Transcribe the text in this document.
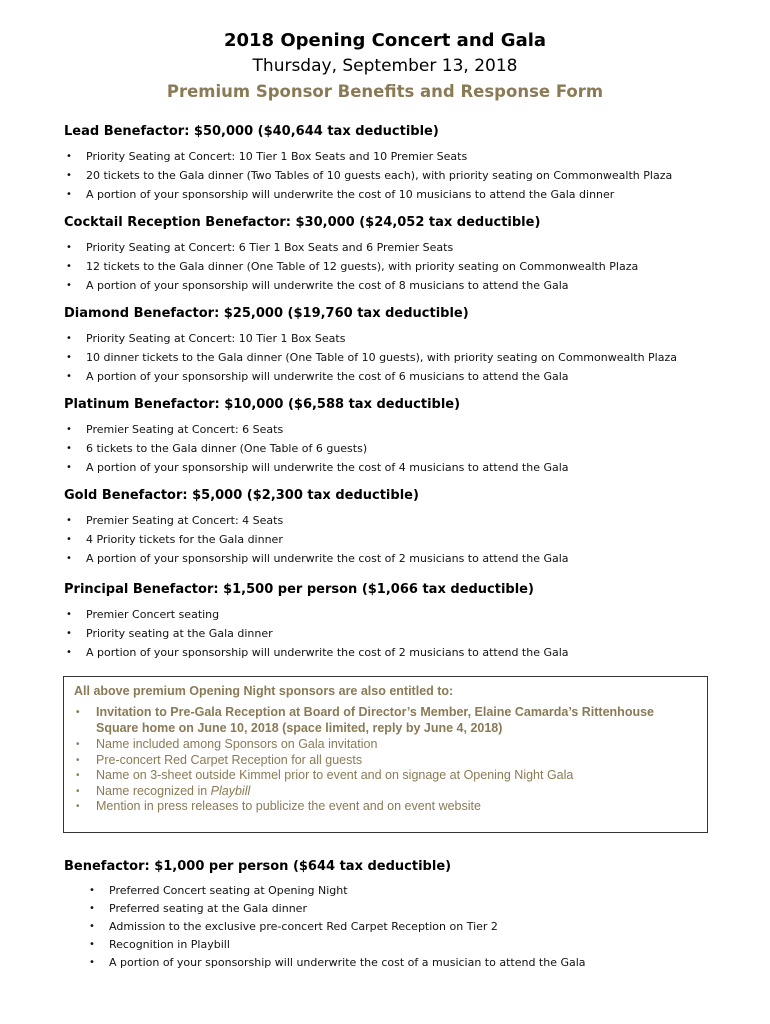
2018 Opening Concert and Gala
Thursday, September 13, 2018
Premium Sponsor Benefits and Response Form
Lead Benefactor: $50,000 ($40,644 tax deductible)
• Priority Seating at Concert: 10 Tier 1 Box Seats and 10 Premier Seats
• 20 tickets to the Gala dinner (Two Tables of 10 guests each), with priority seating on Commonwealth Plaza
• A portion of your sponsorship will underwrite the cost of 10 musicians to attend the Gala dinner
Cocktail Reception Benefactor: $30,000 ($24,052 tax deductible)
• Priority Seating at Concert: 6 Tier 1 Box Seats and 6 Premier Seats
• 12 tickets to the Gala dinner (One Table of 12 guests), with priority seating on Commonwealth Plaza
• A portion of your sponsorship will underwrite the cost of 8 musicians to attend the Gala
Diamond Benefactor: $25,000 ($19,760 tax deductible)
• Priority Seating at Concert: 10 Tier 1 Box Seats
• 10 dinner tickets to the Gala dinner (One Table of 10 guests), with priority seating on Commonwealth Plaza
• A portion of your sponsorship will underwrite the cost of 6 musicians to attend the Gala
Platinum Benefactor: $10,000 ($6,588 tax deductible)
• Premier Seating at Concert: 6 Seats
• 6 tickets to the Gala dinner (One Table of 6 guests)
• A portion of your sponsorship will underwrite the cost of 4 musicians to attend the Gala
Gold Benefactor: $5,000 ($2,300 tax deductible)
• Premier Seating at Concert: 4 Seats
• 4 Priority tickets for the Gala dinner
• A portion of your sponsorship will underwrite the cost of 2 musicians to attend the Gala
Principal Benefactor: $1,500 per person ($1,066 tax deductible)
• Premier Concert seating
• Priority seating at the Gala dinner
• A portion of your sponsorship will underwrite the cost of 2 musicians to attend the Gala
All above premium Opening Night sponsors are also entitled to:
• Invitation to Pre-Gala Reception at Board of Director’s Member, Elaine Camarda’s Rittenhouse Square home on June 10, 2018 (space limited, reply by June 4, 2018)
• Name included among Sponsors on Gala invitation
• Pre-concert Red Carpet Reception for all guests
• Name on 3-sheet outside Kimmel prior to event and on signage at Opening Night Gala
• Name recognized in Playbill
• Mention in press releases to publicize the event and on event website
Benefactor: $1,000 per person ($644 tax deductible)
• Preferred Concert seating at Opening Night
• Preferred seating at the Gala dinner
• Admission to the exclusive pre-concert Red Carpet Reception on Tier 2
• Recognition in Playbill
• A portion of your sponsorship will underwrite the cost of a musician to attend the Gala
